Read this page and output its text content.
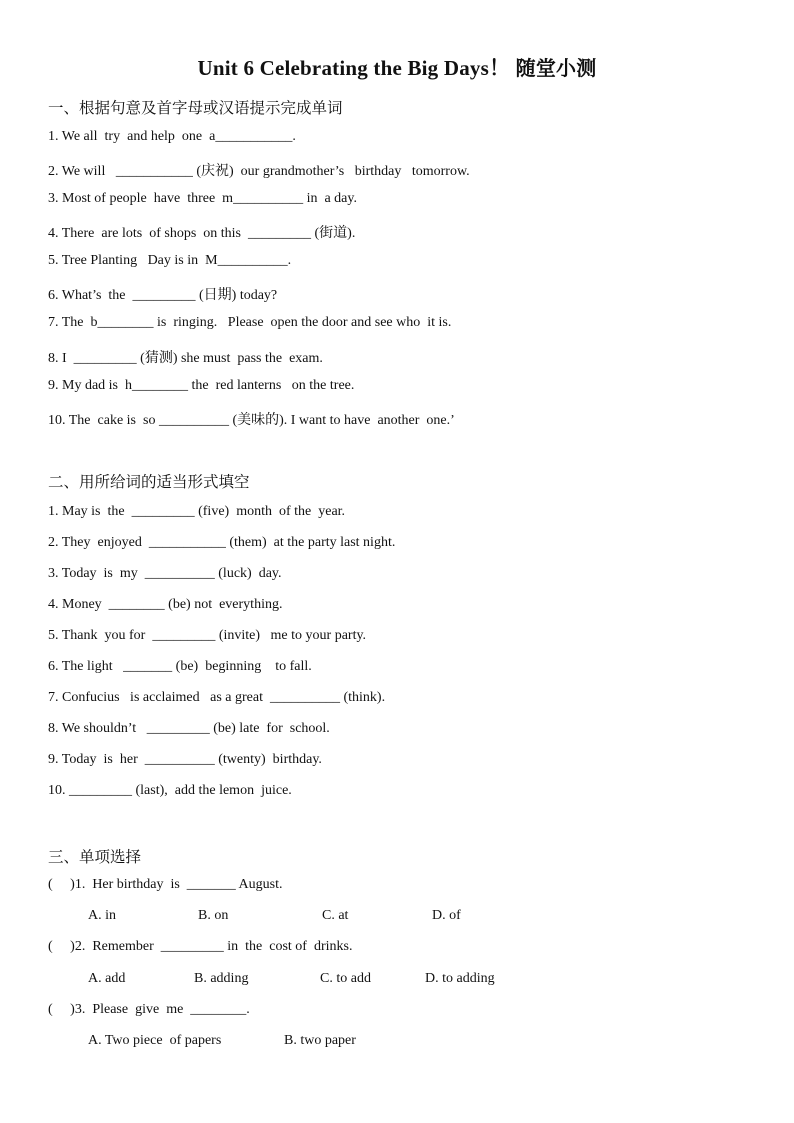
Unit 6 Celebrating the Big Days！ 随堂小测
一、根据句意及首字母或汉语提示完成单词
1. We all  try  and help  one  a___________.
2. We will   ___________ (庆祝)  our grandmother’s   birthday   tomorrow.
3. Most of people  have  three  m__________ in  a day.
4. There  are lots  of shops  on this  _________ (街道).
5. Tree Planting   Day is in  M__________.
6. What’s  the  _________ (日期) today?
7. The  b________ is  ringing.   Please  open the door and see who  it is.
8. I  _________ (猜测) she must  pass the  exam.
9. My dad is  h________ the  red lanterns   on the tree.
10. The  cake is  so __________ (美味的). I want to have  another  one.’
二、用所给词的适当形式填空
1. May is  the  _________ (five)  month  of the  year.
2. They  enjoyed  ___________ (them)  at the party last night.
3. Today  is  my  __________ (luck)  day.
4. Money  ________ (be) not  everything.
5. Thank  you for  _________ (invite)   me to your party.
6. The light   _______ (be)  beginning    to fall.
7. Confucius   is acclaimed   as a great  __________ (think).
8. We shouldn’t   _________ (be) late  for  school.
9. Today  is  her  __________ (twenty)  birthday.
10. _________ (last),  add the lemon  juice.
三、单项选择
(     )1.  Her birthday  is  _______ August.
A. in	B. on	C. at	D. of
(     )2.  Remember  _________ in  the  cost of  drinks.
A. add	B. adding	C. to add	D. to adding
(     )3.  Please  give  me  ________.
A. Two piece  of papers	B. two paper
